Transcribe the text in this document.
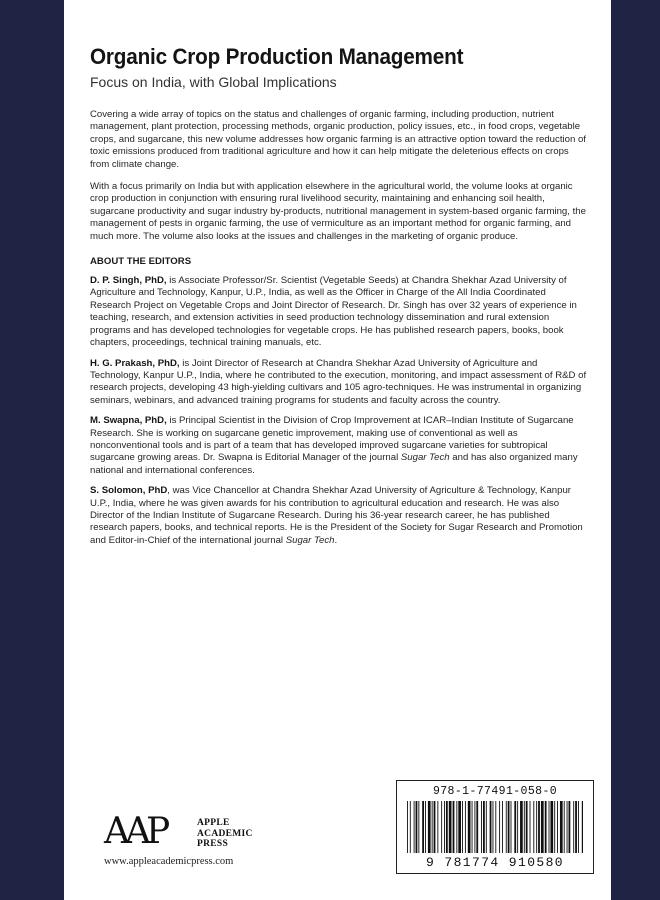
Organic Crop Production Management
Focus on India, with Global Implications
Covering a wide array of topics on the status and challenges of organic farming, including production, nutrient management, plant protection, processing methods, organic production, policy issues, etc., in food crops, vegetable crops, and sugarcane, this new volume addresses how organic farming is an attractive option toward the reduction of toxic emissions produced from traditional agriculture and how it can help mitigate the deleterious effects on crops from climate change.
With a focus primarily on India but with application elsewhere in the agricultural world, the volume looks at organic crop production in conjunction with ensuring rural livelihood security, maintaining and enhancing soil health, sugarcane productivity and sugar industry by-products, nutritional management in system-based organic farming, the management of pests in organic farming, the use of vermiculture as an important method for organic farming, and much more. The volume also looks at the issues and challenges in the marketing of organic produce.
ABOUT THE EDITORS
D. P. Singh, PhD, is Associate Professor/Sr. Scientist (Vegetable Seeds) at Chandra Shekhar Azad University of Agriculture and Technology, Kanpur, U.P., India, as well as the Officer in Charge of the All India Coordinated Research Project on Vegetable Crops and Joint Director of Research. Dr. Singh has over 32 years of experience in teaching, research, and extension activities in seed production technology dissemination and rural extension programs and has developed technologies for vegetable crops. He has published research papers, books, book chapters, proceedings, technical training manuals, etc.
H. G. Prakash, PhD, is Joint Director of Research at Chandra Shekhar Azad University of Agriculture and Technology, Kanpur U.P., India, where he contributed to the execution, monitoring, and impact assessment of R&D of research projects, developing 43 high-yielding cultivars and 105 agro-techniques. He was instrumental in organizing seminars, webinars, and advanced training programs for students and faculty across the country.
M. Swapna, PhD, is Principal Scientist in the Division of Crop Improvement at ICAR–Indian Institute of Sugarcane Research. She is working on sugarcane genetic improvement, making use of conventional as well as nonconventional tools and is part of a team that has developed improved sugarcane varieties for subtropical sugarcane growing areas. Dr. Swapna is Editorial Manager of the journal Sugar Tech and has also organized many national and international conferences.
S. Solomon, PhD, was Vice Chancellor at Chandra Shekhar Azad University of Agriculture & Technology, Kanpur U.P., India, where he was given awards for his contribution to agricultural education and research. He was also Director of the Indian Institute of Sugarcane Research. During his 36-year research career, he has published research papers, books, and technical reports. He is the President of the Society for Sugar Research and Promotion and Editor-in-Chief of the international journal Sugar Tech.
AAP	APPLE
ACADEMIC
PRESS
www.appleacademicpress.com
978-1-77491-058-0
9 781774 910580
